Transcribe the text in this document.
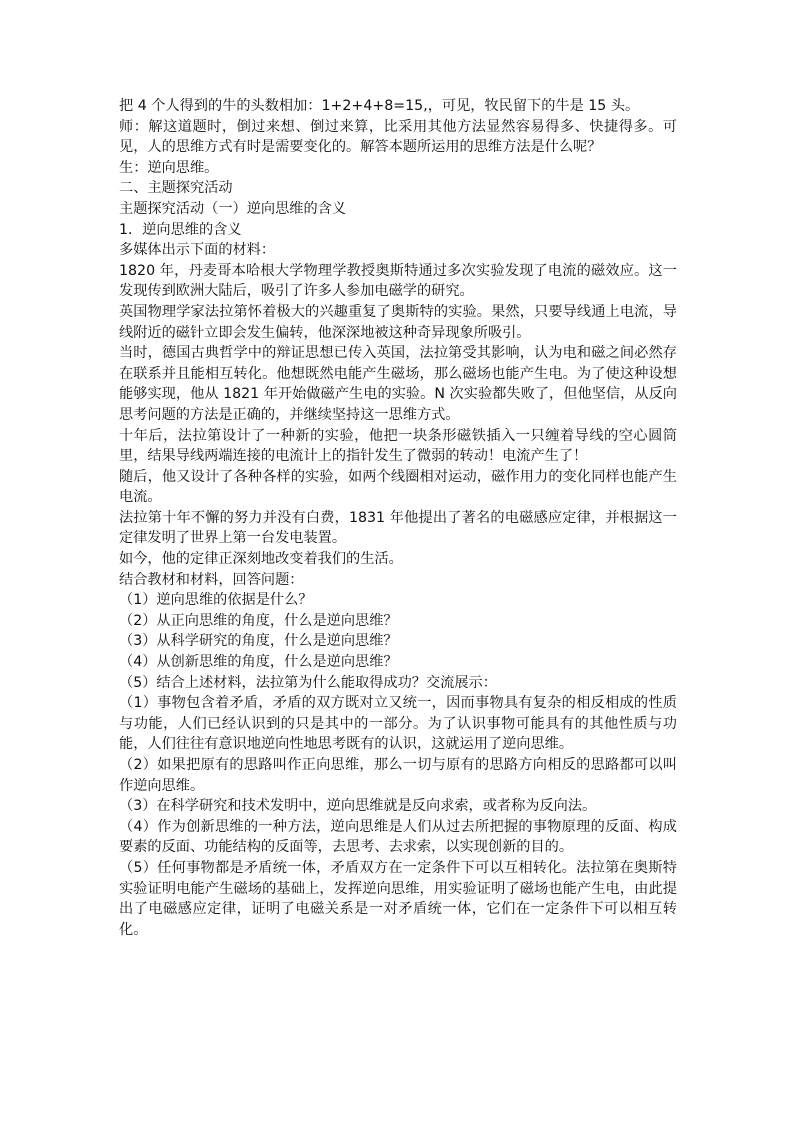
把 4 个人得到的牛的头数相加：1+2+4+8=15,，可见，牧民留下的牛是 15 头。

师：解这道题时，倒过来想、倒过来算，比采用其他方法显然容易得多、快捷得多。可见，人的思维方式有时是需要变化的。解答本题所运用的思维方法是什么呢？

生：逆向思维。

二、主题探究活动

主题探究活动（一）逆向思维的含义

1．逆向思维的含义

多媒体出示下面的材料：

1820 年，丹麦哥本哈根大学物理学教授奥斯特通过多次实验发现了电流的磁效应。这一发现传到欧洲大陆后，吸引了许多人参加电磁学的研究。

英国物理学家法拉第怀着极大的兴趣重复了奥斯特的实验。果然，只要导线通上电流，导线附近的磁针立即会发生偏转，他深深地被这种奇异现象所吸引。

当时，德国古典哲学中的辩证思想已传入英国，法拉第受其影响，认为电和磁之间必然存在联系并且能相互转化。他想既然电能产生磁场，那么磁场也能产生电。为了使这种设想能够实现，他从 1821 年开始做磁产生电的实验。N 次实验都失败了，但他坚信，从反向思考问题的方法是正确的，并继续坚持这一思维方式。

十年后，法拉第设计了一种新的实验，他把一块条形磁铁插入一只缠着导线的空心圆筒里，结果导线两端连接的电流计上的指针发生了微弱的转动！电流产生了！

随后，他又设计了各种各样的实验，如两个线圈相对运动，磁作用力的变化同样也能产生电流。

法拉第十年不懈的努力并没有白费，1831 年他提出了著名的电磁感应定律，并根据这一定律发明了世界上第一台发电装置。

如今，他的定律正深刻地改变着我们的生活。

结合教材和材料，回答问题：

（1）逆向思维的依据是什么？

（2）从正向思维的角度，什么是逆向思维？

（3）从科学研究的角度，什么是逆向思维？

（4）从创新思维的角度，什么是逆向思维？

（5）结合上述材料，法拉第为什么能取得成功？交流展示：

（1）事物包含着矛盾，矛盾的双方既对立又统一，因而事物具有复杂的相反相成的性质与功能，人们已经认识到的只是其中的一部分。为了认识事物可能具有的其他性质与功能，人们往往有意识地逆向性地思考既有的认识，这就运用了逆向思维。

（2）如果把原有的思路叫作正向思维，那么一切与原有的思路方向相反的思路都可以叫作逆向思维。

（3）在科学研究和技术发明中，逆向思维就是反向求索，或者称为反向法。

（4）作为创新思维的一种方法，逆向思维是人们从过去所把握的事物原理的反面、构成要素的反面、功能结构的反面等，去思考、去求索，以实现创新的目的。

（5）任何事物都是矛盾统一体，矛盾双方在一定条件下可以互相转化。法拉第在奥斯特实验证明电能产生磁场的基础上，发挥逆向思维，用实验证明了磁场也能产生电，由此提出了电磁感应定律，证明了电磁关系是一对矛盾统一体，它们在一定条件下可以相互转化。
